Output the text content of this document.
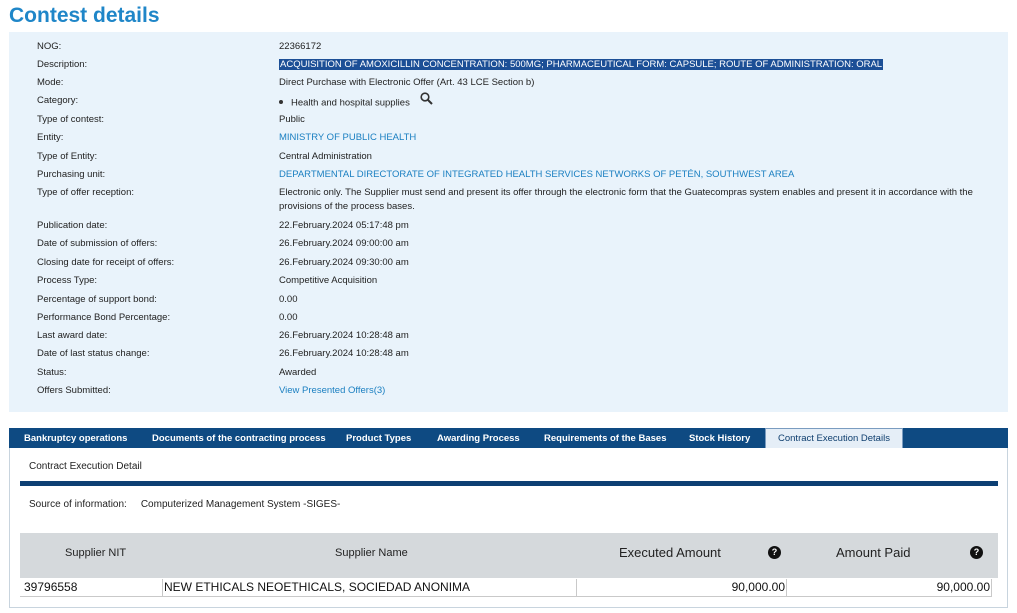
Contest details
NOG:	22366172
Description:	ACQUISITION OF AMOXICILLIN CONCENTRATION: 500MG; PHARMACEUTICAL FORM: CAPSULE; ROUTE OF ADMINISTRATION: ORAL
Mode:	Direct Purchase with Electronic Offer (Art. 43 LCE Section b)
Category:	Health and hospital supplies
Type of contest:	Public
Entity:	MINISTRY OF PUBLIC HEALTH
Type of Entity:	Central Administration
Purchasing unit:	DEPARTMENTAL DIRECTORATE OF INTEGRATED HEALTH SERVICES NETWORKS OF PETÉN, SOUTHWEST AREA
Type of offer reception:	Electronic only. The Supplier must send and present its offer through the electronic form that the Guatecompras system enables and present it in accordance with the provisions of the process bases.
Publication date:	22.February.2024 05:17:48 pm
Date of submission of offers:	26.February.2024 09:00:00 am
Closing date for receipt of offers:	26.February.2024 09:30:00 am
Process Type:	Competitive Acquisition
Percentage of support bond:	0.00
Performance Bond Percentage:	0.00
Last award date:	26.February.2024 10:28:48 am
Date of last status change:	26.February.2024 10:28:48 am
Status:	Awarded
Offers Submitted:	View Presented Offers(3)
Bankruptcy operations	Documents of the contracting process Product Types	Awarding Process	Requirements of the Bases Stock History	Contract Execution Details
Contract Execution Detail
Source of information: Computerized Management System -SIGES-
Supplier NIT	Supplier Name	Executed Amount	?	Amount Paid	?
39796558	NEW ETHICALS NEOETHICALS, SOCIEDAD ANONIMA	90,000.00	90,000.00
